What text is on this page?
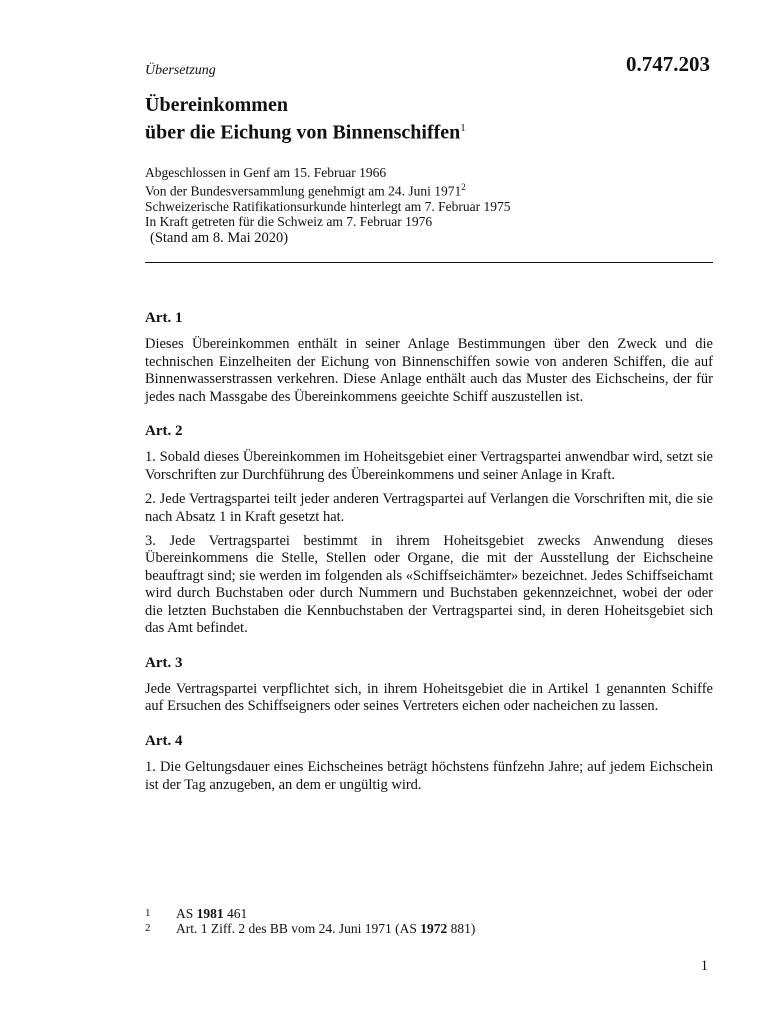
Übersetzung	0.747.203
Übereinkommen
über die Eichung von Binnenschiffen$^1$
Abgeschlossen in Genf am 15. Februar 1966
Von der Bundesversammlung genehmigt am 24. Juni 1971$^2$
Schweizerische Ratifikationsurkunde hinterlegt am 7. Februar 1975
In Kraft getreten für die Schweiz am 7. Februar 1976
(Stand am 8. Mai 2020)
Art. 1

Dieses Übereinkommen enthält in seiner Anlage Bestimmungen über den Zweck und die technischen Einzelheiten der Eichung von Binnenschiffen sowie von anderen Schiffen, die auf Binnenwasserstrassen verkehren. Diese Anlage enthält auch das Muster des Eichscheins, der für jedes nach Massgabe des Übereinkommens geeichte Schiff auszustellen ist.

Art. 2

1. Sobald dieses Übereinkommen im Hoheitsgebiet einer Vertragspartei anwendbar wird, setzt sie Vorschriften zur Durchführung des Übereinkommens und seiner Anlage in Kraft.

2. Jede Vertragspartei teilt jeder anderen Vertragspartei auf Verlangen die Vorschriften mit, die sie nach Absatz 1 in Kraft gesetzt hat.

3. Jede Vertragspartei bestimmt in ihrem Hoheitsgebiet zwecks Anwendung dieses Übereinkommens die Stelle, Stellen oder Organe, die mit der Ausstellung der Eichscheine beauftragt sind; sie werden im folgenden als «Schiffseichämter» bezeichnet. Jedes Schiffseichamt wird durch Buchstaben oder durch Nummern und Buchstaben gekennzeichnet, wobei der oder die letzten Buchstaben die Kennbuchstaben der Vertragspartei sind, in deren Hoheitsgebiet sich das Amt befindet.

Art. 3

Jede Vertragspartei verpflichtet sich, in ihrem Hoheitsgebiet die in Artikel 1 genannten Schiffe auf Ersuchen des Schiffseigners oder seines Vertreters eichen oder nacheichen zu lassen.

Art. 4

1. Die Geltungsdauer eines Eichscheines beträgt höchstens fünfzehn Jahre; auf jedem Eichschein ist der Tag anzugeben, an dem er ungültig wird.

1	AS 1981 461
2	Art. 1 Ziff. 2 des BB vom 24. Juni 1971 (AS 1972 881)
1
